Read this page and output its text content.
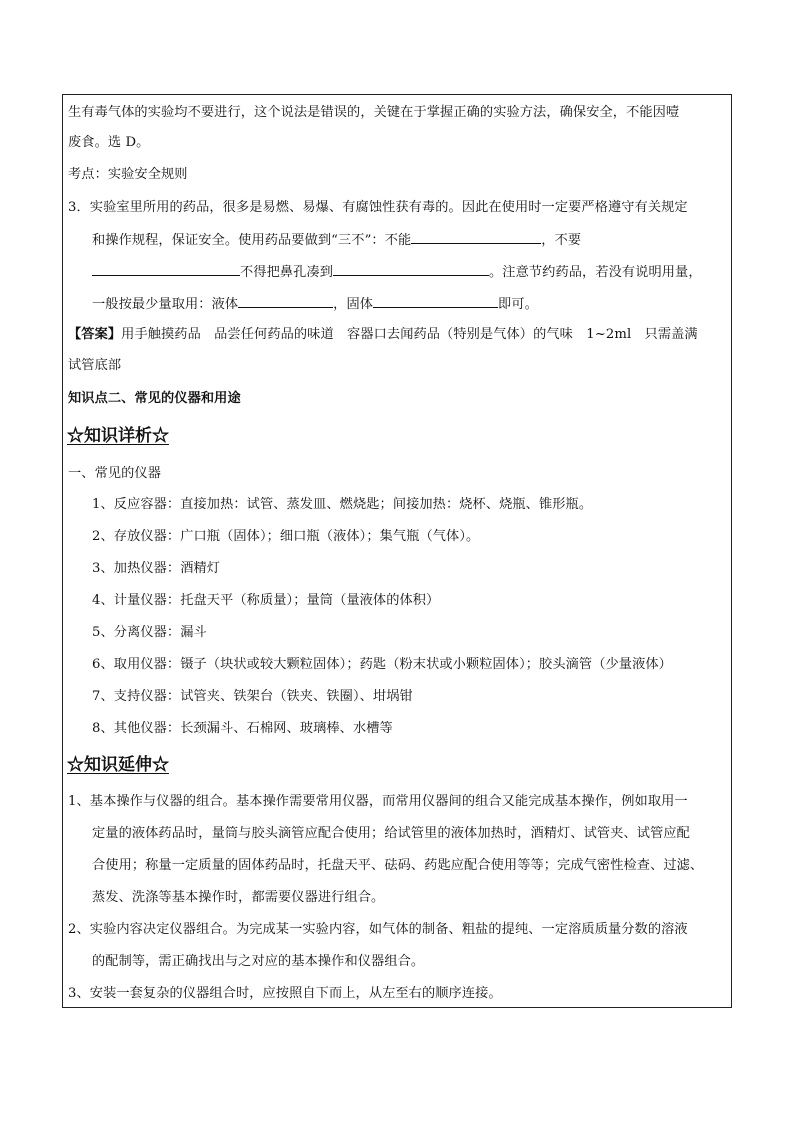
生有毒气体的实验均不要进行，这个说法是错误的，关键在于掌握正确的实验方法，确保安全，不能因噎
废食。选 D。
考点：实验安全规则
3．实验室里所用的药品，很多是易燃、易爆、有腐蚀性获有毒的。因此在使用时一定要严格遵守有关规定
和操作规程，保证安全。使用药品要做到“三不”：不能	，不要
不得把鼻孔凑到	。注意节约药品，若没有说明用量，
一般按最少量取用：液体	，固体	即可。
【答案】用手触摸药品　品尝任何药品的味道　容器口去闻药品（特别是气体）的气味　1~2ml　只需盖满
试管底部
知识点二、常见的仪器和用途
☆知识详析☆
一、常见的仪器
1、反应容器：直接加热：试管、蒸发皿、燃烧匙；间接加热：烧杯、烧瓶、锥形瓶。
2、存放仪器：广口瓶（固体）；细口瓶（液体）；集气瓶（气体）。
3、加热仪器：酒精灯
4、计量仪器：托盘天平（称质量）；量筒（量液体的体积）
5、分离仪器：漏斗
6、取用仪器：镊子（块状或较大颗粒固体）；药匙（粉末状或小颗粒固体）；胶头滴管（少量液体）
7、支持仪器：试管夹、铁架台（铁夹、铁圈）、坩埚钳
8、其他仪器：长颈漏斗、石棉网、玻璃棒、水槽等
☆知识延伸☆
1、基本操作与仪器的组合。基本操作需要常用仪器，而常用仪器间的组合又能完成基本操作，例如取用一
定量的液体药品时，量筒与胶头滴管应配合使用；给试管里的液体加热时，酒精灯、试管夹、试管应配
合使用；称量一定质量的固体药品时，托盘天平、砝码、药匙应配合使用等等；完成气密性检查、过滤、
蒸发、洗涤等基本操作时，都需要仪器进行组合。
2、实验内容决定仪器组合。为完成某一实验内容，如气体的制备、粗盐的提纯、一定溶质质量分数的溶液
的配制等，需正确找出与之对应的基本操作和仪器组合。
3、安装一套复杂的仪器组合时，应按照自下而上，从左至右的顺序连接。
